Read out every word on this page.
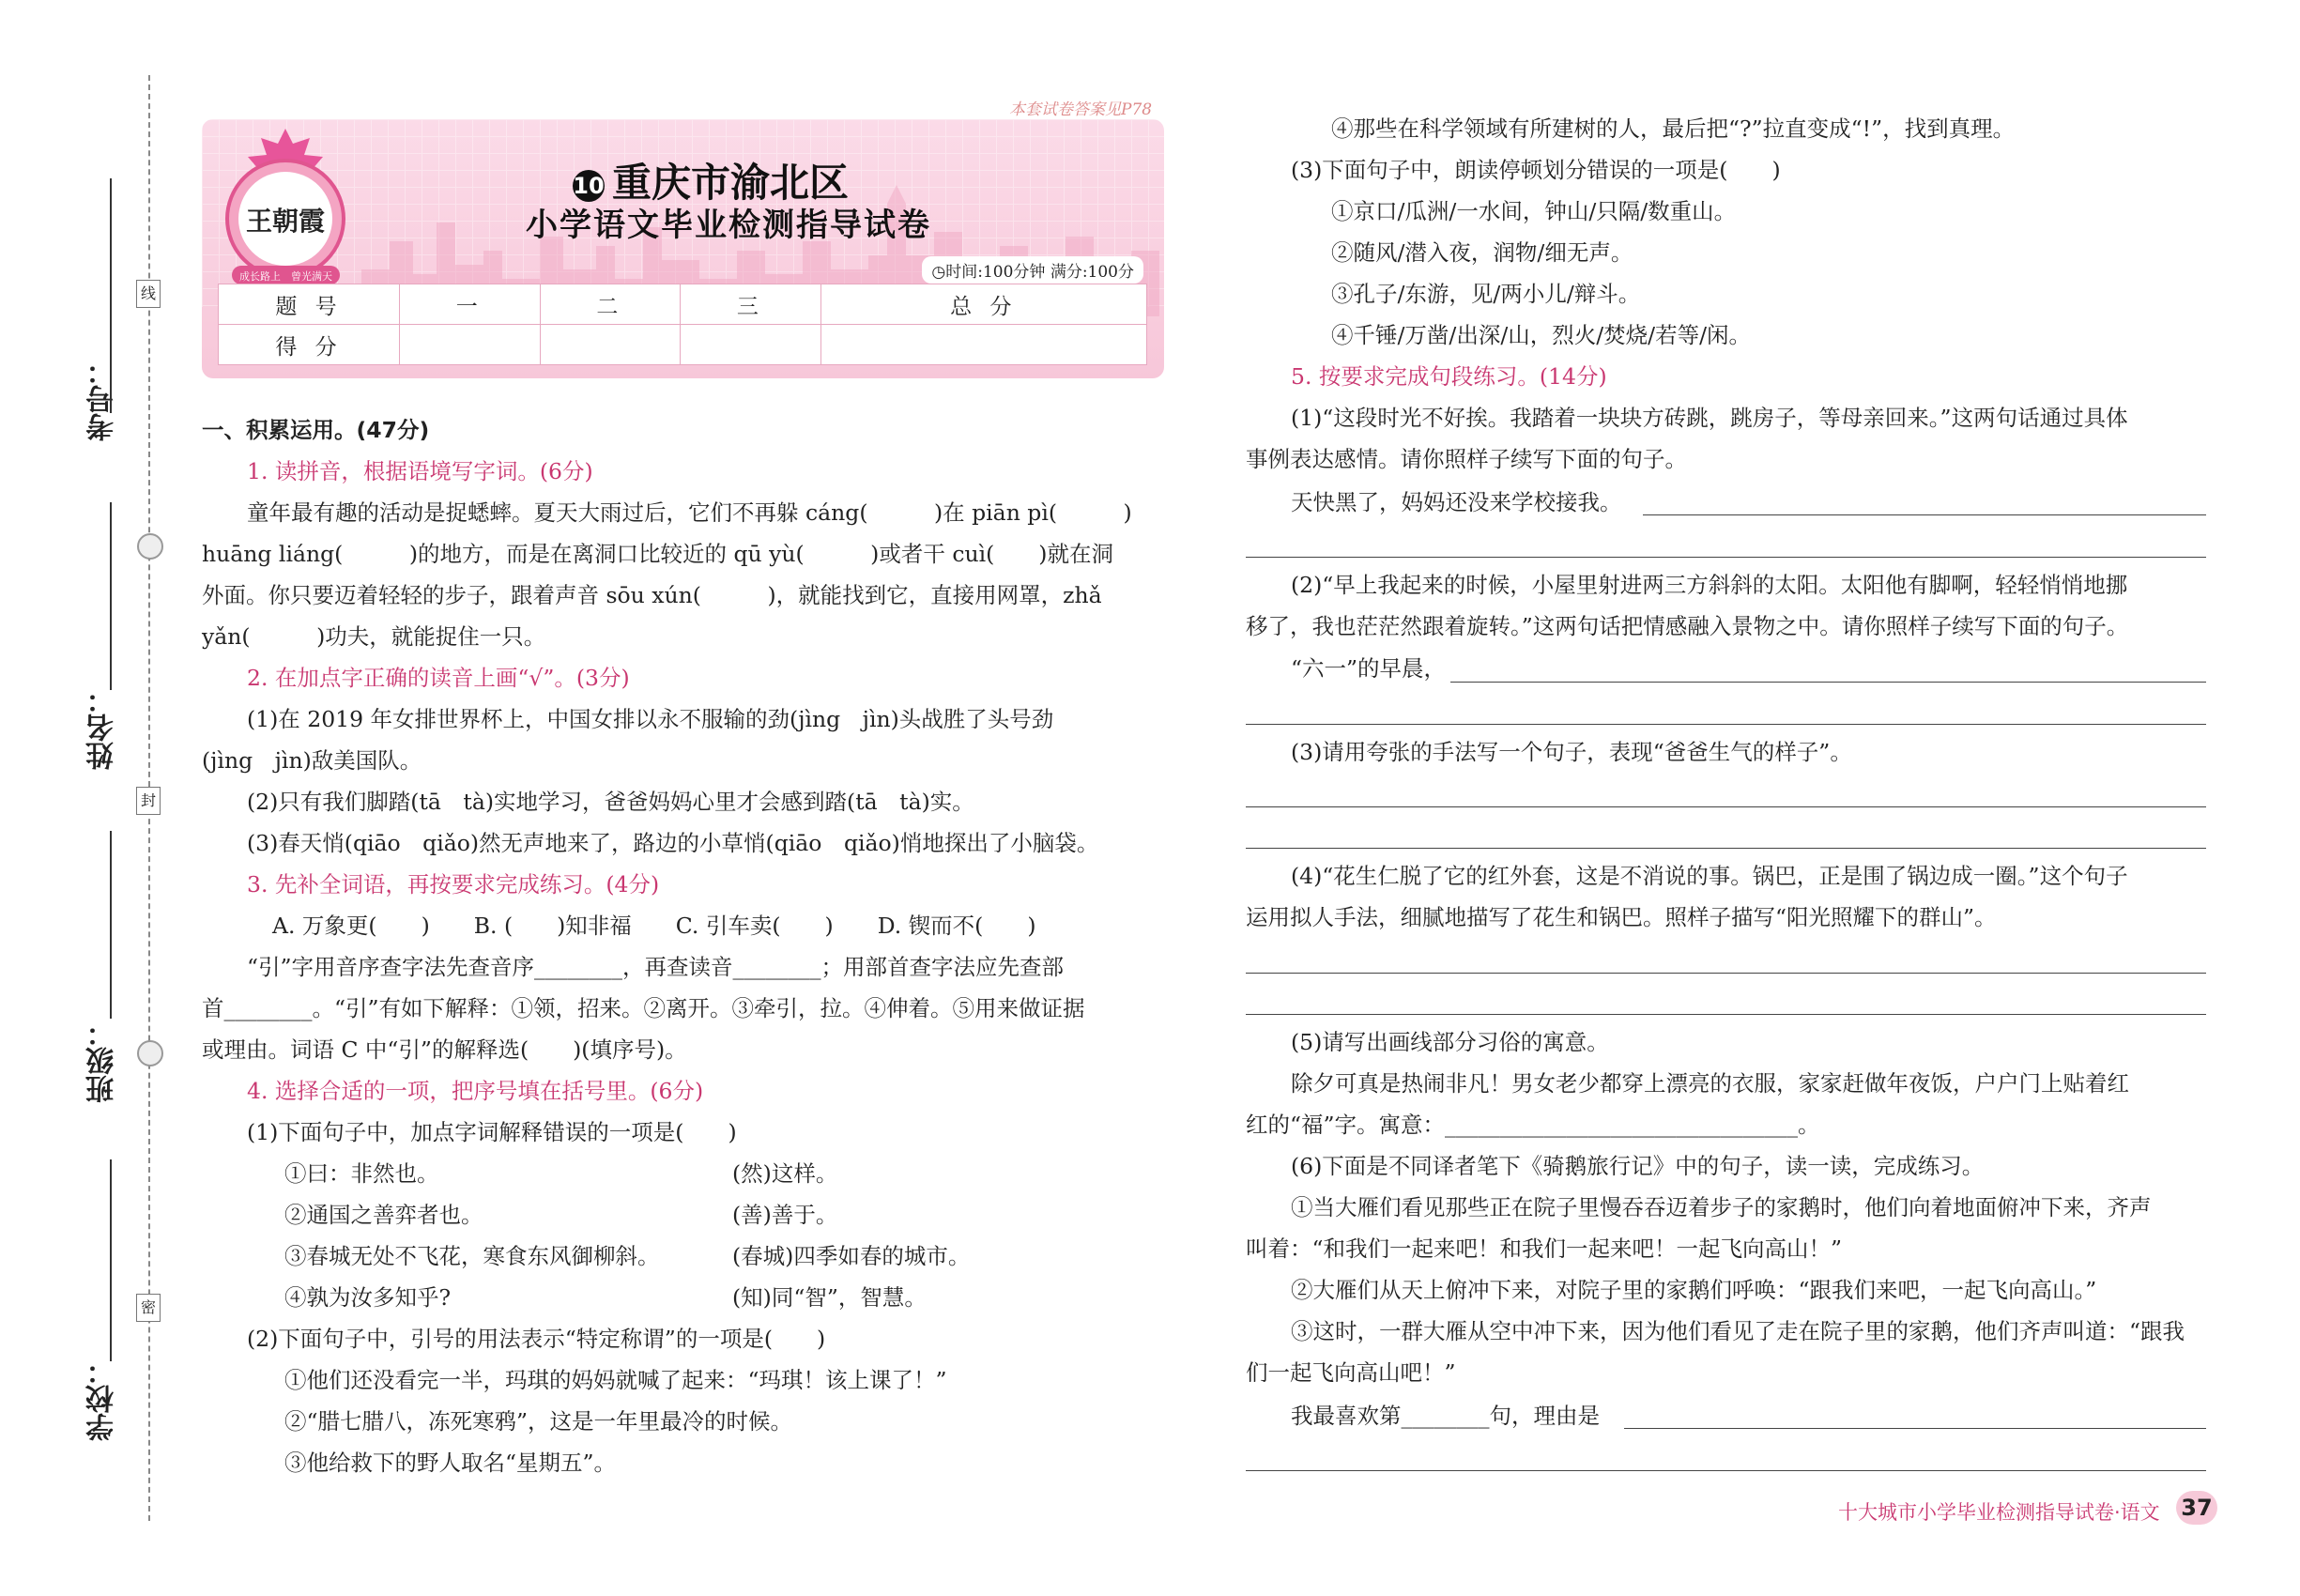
考号：
姓名：
班级：
学校：
线
封
密
本套试卷答案见P78
王朝霞
成长路上 曾光满天
10 重庆市渝北区
小学语文毕业检测指导试卷
◷时间:100分钟 满分:100分
题 号	一	二	三	总 分
得 分				
一、积累运用。(47分)
1. 读拼音，根据语境写字词。(6分)
童年最有趣的活动是捉蟋蟀。夏天大雨过后，它们不再躲 cáng(　　　)在 piān pì(　　　)
huāng liáng(　　　)的地方，而是在离洞口比较近的 qū yù(　　　)或者干 cuì(　　)就在洞
外面。你只要迈着轻轻的步子，跟着声音 sōu xún(　　　)，就能找到它，直接用网罩，zhǎ
yǎn(　　　)功夫，就能捉住一只。
2. 在加点字正确的读音上画“√”。(3分)
(1)在 2019 年女排世界杯上，中国女排以永不服输的劲(jìng　jìn)头战胜了头号劲
(jìng　jìn)敌美国队。
(2)只有我们脚踏(tā　tà)实地学习，爸爸妈妈心里才会感到踏(tā　tà)实。
(3)春天悄(qiāo　qiǎo)然无声地来了，路边的小草悄(qiāo　qiǎo)悄地探出了小脑袋。
3. 先补全词语，再按要求完成练习。(4分)
A. 万象更(　　)　　B. (　　)知非福　　C. 引车卖(　　)　　D. 锲而不(　　)
“引”字用音序查字法先查音序________，再查读音________；用部首查字法应先查部
首________。“引”有如下解释：①领，招来。②离开。③牵引，拉。④伸着。⑤用来做证据
或理由。词语 C 中“引”的解释选(　　)(填序号)。
4. 选择合适的一项，把序号填在括号里。(6分)
(1)下面句子中，加点字词解释错误的一项是(　　)
①曰：非然也。	(然)这样。
②通国之善弈者也。	(善)善于。
③春城无处不飞花，寒食东风御柳斜。	(春城)四季如春的城市。
④孰为汝多知乎?	(知)同“智”，智慧。
(2)下面句子中，引号的用法表示“特定称谓”的一项是(　　)
①他们还没看完一半，玛琪的妈妈就喊了起来：“玛琪！该上课了！”
②“腊七腊八，冻死寒鸦”，这是一年里最冷的时候。
③他给救下的野人取名“星期五”。
④那些在科学领域有所建树的人，最后把“?”拉直变成“!”，找到真理。
(3)下面句子中，朗读停顿划分错误的一项是(　　)
①京口/瓜洲/一水间，钟山/只隔/数重山。
②随风/潜入夜，润物/细无声。
③孔子/东游，见/两小儿/辩斗。
④千锤/万凿/出深/山，烈火/焚烧/若等/闲。
5. 按要求完成句段练习。(14分)
(1)“这段时光不好挨。我踏着一块块方砖跳，跳房子，等母亲回来。”这两句话通过具体
事例表达感情。请你照样子续写下面的句子。
天快黑了，妈妈还没来学校接我。
(2)“早上我起来的时候，小屋里射进两三方斜斜的太阳。太阳他有脚啊，轻轻悄悄地挪
移了，我也茫茫然跟着旋转。”这两句话把情感融入景物之中。请你照样子续写下面的句子。
“六一”的早晨，
(3)请用夸张的手法写一个句子，表现“爸爸生气的样子”。
(4)“花生仁脱了它的红外套，这是不消说的事。锅巴，正是围了锅边成一圈。”这个句子
运用拟人手法，细腻地描写了花生和锅巴。照样子描写“阳光照耀下的群山”。
(5)请写出画线部分习俗的寓意。
除夕可真是热闹非凡！男女老少都穿上漂亮的衣服，家家赶做年夜饭，户户门上贴着红
红的“福”字。寓意：________________________________。
(6)下面是不同译者笔下《骑鹅旅行记》中的句子，读一读，完成练习。
①当大雁们看见那些正在院子里慢吞吞迈着步子的家鹅时，他们向着地面俯冲下来，齐声
叫着：“和我们一起来吧！和我们一起来吧！一起飞向高山！”
②大雁们从天上俯冲下来，对院子里的家鹅们呼唤：“跟我们来吧，一起飞向高山。”
③这时，一群大雁从空中冲下来，因为他们看见了走在院子里的家鹅，他们齐声叫道：“跟我
们一起飞向高山吧！”
我最喜欢第________句，理由是
十大城市小学毕业检测指导试卷·语文 37
